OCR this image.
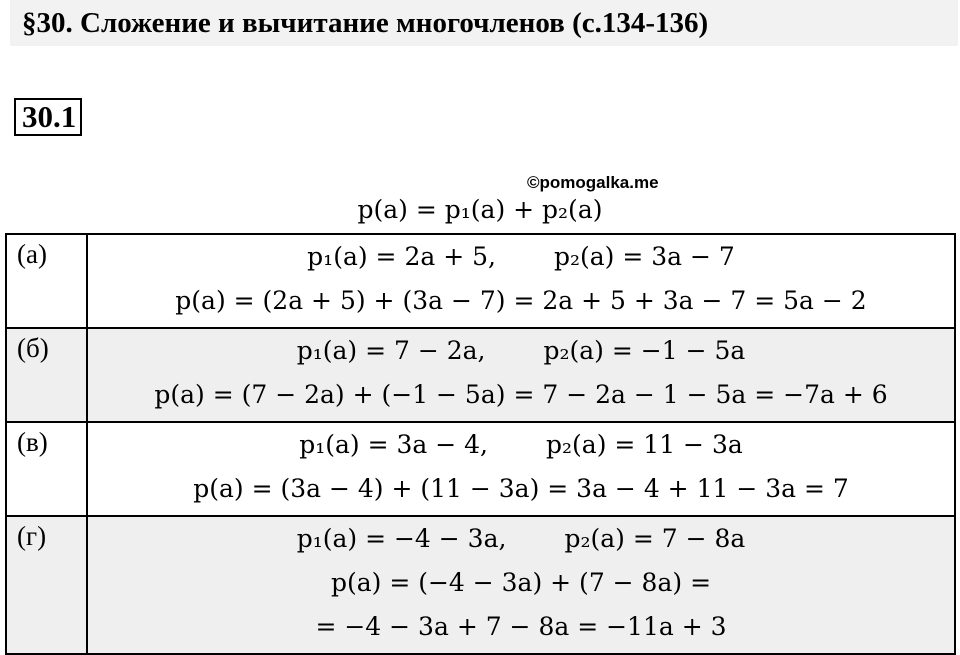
§30. Сложение и вычитание многочленов (с.134-136)
30.1
©pomogalka.me
p(a) = p₁(a) + p₂(a)
(а)	p₁(a) = 2a + 5, p₂(a) = 3a − 7
p(a) = (2a + 5) + (3a − 7) = 2a + 5 + 3a − 7 = 5a − 2

(б)	p₁(a) = 7 − 2a, p₂(a) = −1 − 5a
p(a) = (7 − 2a) + (−1 − 5a) = 7 − 2a − 1 − 5a = −7a + 6

(в)	p₁(a) = 3a − 4, p₂(a) = 11 − 3a
p(a) = (3a − 4) + (11 − 3a) = 3a − 4 + 11 − 3a = 7

(г)	p₁(a) = −4 − 3a, p₂(a) = 7 − 8a
p(a) = (−4 − 3a) + (7 − 8a) =
= −4 − 3a + 7 − 8a = −11a + 3
